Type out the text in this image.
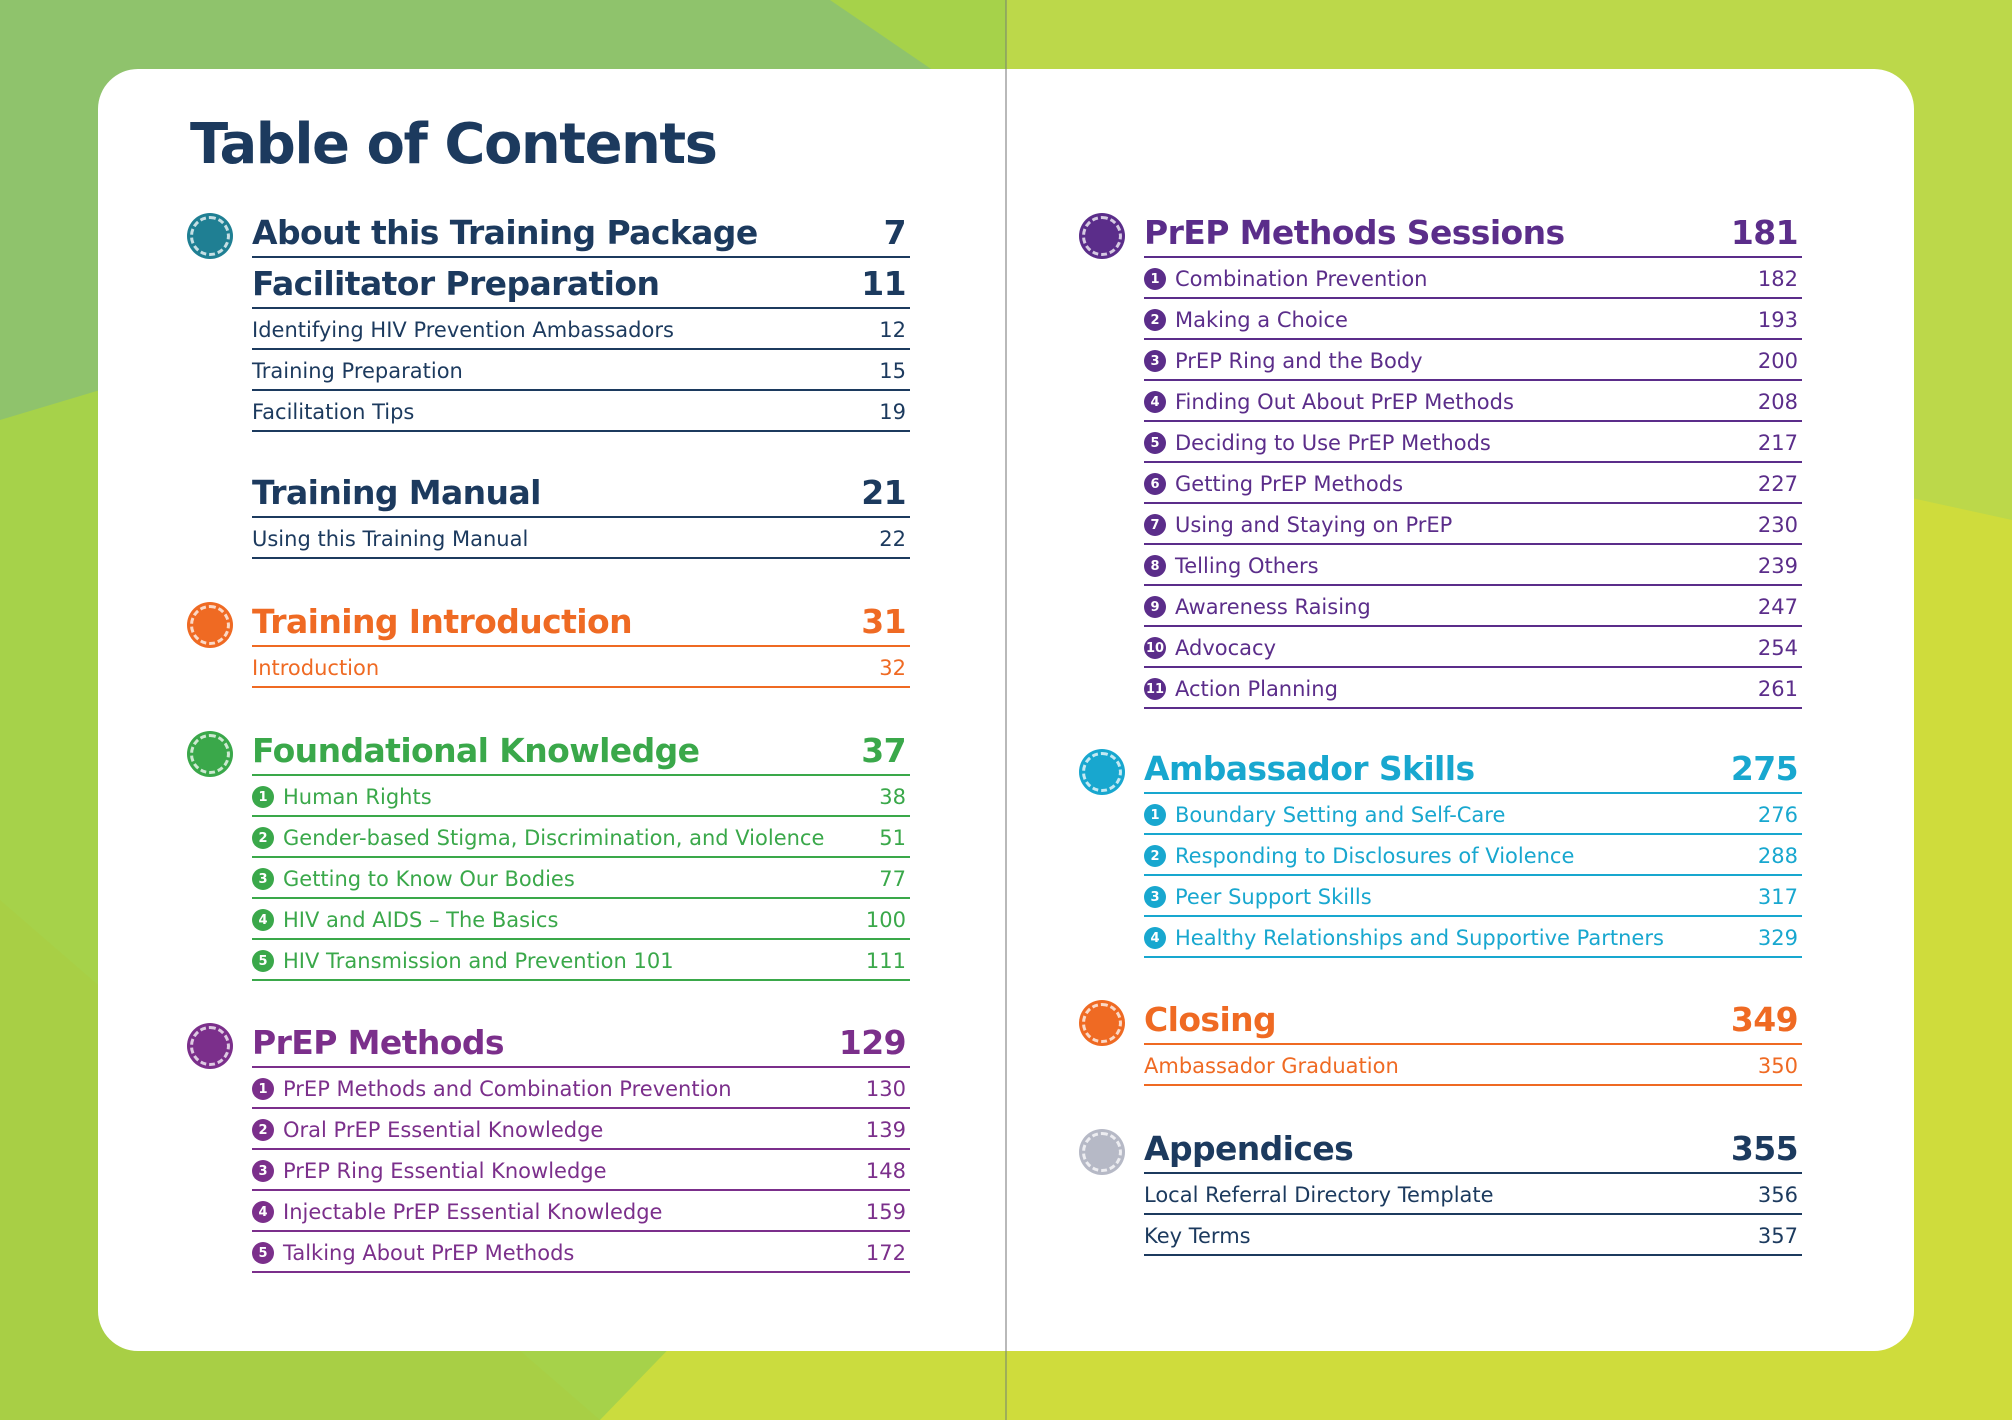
Table of Contents
About this Training Package	7
Facilitator Preparation	11
Identifying HIV Prevention Ambassadors	12
Training Preparation	15
Facilitation Tips	19
Training Manual	21
Using this Training Manual	22
Training Introduction	31
Introduction	32
Foundational Knowledge	37
1 Human Rights	38
2 Gender-based Stigma, Discrimination, and Violence	51
3 Getting to Know Our Bodies	77
4 HIV and AIDS – The Basics	100
5 HIV Transmission and Prevention 101	111
PrEP Methods	129
1 PrEP Methods and Combination Prevention	130
2 Oral PrEP Essential Knowledge	139
3 PrEP Ring Essential Knowledge	148
4 Injectable PrEP Essential Knowledge	159
5 Talking About PrEP Methods	172
PrEP Methods Sessions	181
1 Combination Prevention	182
2 Making a Choice	193
3 PrEP Ring and the Body	200
4 Finding Out About PrEP Methods	208
5 Deciding to Use PrEP Methods	217
6 Getting PrEP Methods	227
7 Using and Staying on PrEP	230
8 Telling Others	239
9 Awareness Raising	247
10 Advocacy	254
11 Action Planning	261
Ambassador Skills	275
1 Boundary Setting and Self-Care	276
2 Responding to Disclosures of Violence	288
3 Peer Support Skills	317
4 Healthy Relationships and Supportive Partners	329
Closing	349
Ambassador Graduation	350
Appendices	355
Local Referral Directory Template	356
Key Terms	357
